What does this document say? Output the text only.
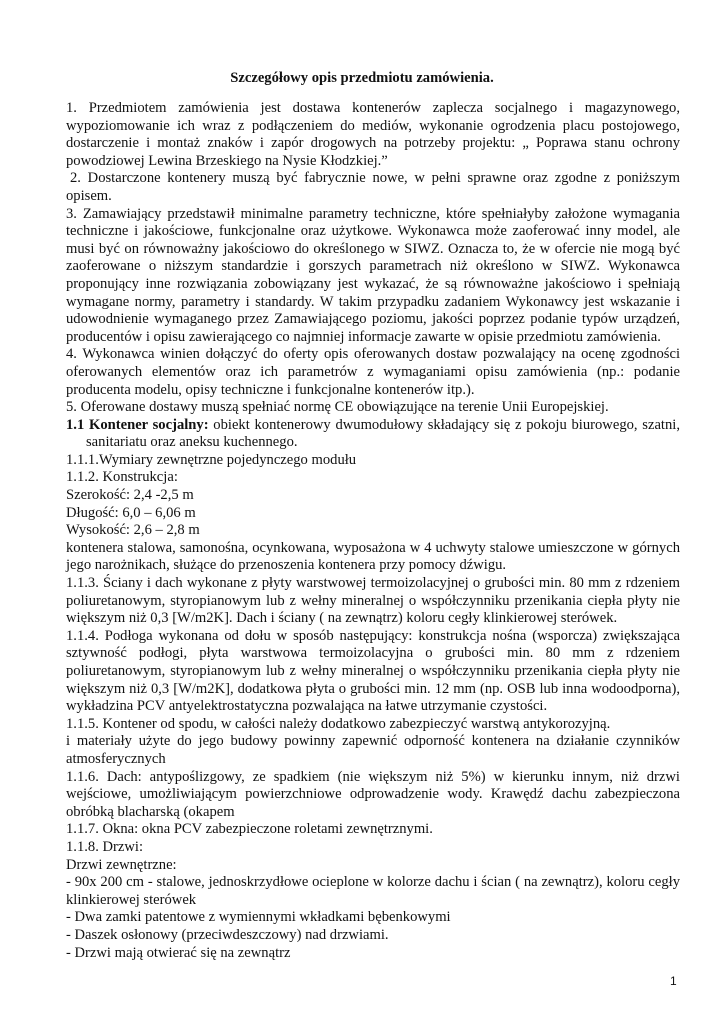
Szczegółowy opis przedmiotu zamówienia.

1. Przedmiotem zamówienia jest dostawa kontenerów zaplecza socjalnego i magazynowego, wypoziomowanie ich wraz z podłączeniem do mediów, wykonanie ogrodzenia placu postojowego, dostarczenie i montaż znaków i zapór drogowych na potrzeby projektu: „ Poprawa stanu ochrony powodziowej Lewina Brzeskiego na Nysie Kłodzkiej.”

2. Dostarczone kontenery muszą być fabrycznie nowe, w pełni sprawne oraz zgodne z poniższym opisem.

3. Zamawiający przedstawił minimalne parametry techniczne, które spełniałyby założone wymagania techniczne i jakościowe, funkcjonalne oraz użytkowe. Wykonawca może zaoferować inny model, ale musi być on równoważny jakościowo do określonego w SIWZ. Oznacza to, że w ofercie nie mogą być zaoferowane o niższym standardzie i gorszych parametrach niż określono w SIWZ. Wykonawca proponujący inne rozwiązania zobowiązany jest wykazać, że są równoważne jakościowo i spełniają wymagane normy, parametry i standardy. W takim przypadku zadaniem Wykonawcy jest wskazanie i udowodnienie wymaganego przez Zamawiającego poziomu, jakości poprzez podanie typów urządzeń, producentów i opisu zawierającego co najmniej informacje zawarte w opisie przedmiotu zamówienia.

4. Wykonawca winien dołączyć do oferty opis oferowanych dostaw pozwalający na ocenę zgodności oferowanych elementów oraz ich parametrów z wymaganiami opisu zamówienia (np.: podanie producenta modelu, opisy techniczne i funkcjonalne kontenerów itp.).

5. Oferowane dostawy muszą spełniać normę CE obowiązujące na terenie Unii Europejskiej.

1.1 Kontener socjalny: obiekt kontenerowy dwumodułowy składający się z pokoju biurowego, szatni, sanitariatu oraz aneksu kuchennego.

1.1.1.Wymiary zewnętrzne pojedynczego modułu

1.1.2. Konstrukcja:

Szerokość: 2,4 -2,5 m

Długość: 6,0 – 6,06 m

Wysokość: 2,6 – 2,8 m

kontenera stalowa, samonośna, ocynkowana, wyposażona w 4 uchwyty stalowe umieszczone w górnych jego narożnikach, służące do przenoszenia kontenera przy pomocy dźwigu.

1.1.3. Ściany i dach wykonane z płyty warstwowej termoizolacyjnej o grubości min. 80 mm z rdzeniem poliuretanowym, styropianowym lub z wełny mineralnej o współczynniku przenikania ciepła płyty nie większym niż 0,3 [W/m2K]. Dach i ściany ( na zewnątrz) koloru cegły klinkierowej sterówek.

1.1.4. Podłoga wykonana od dołu w sposób następujący: konstrukcja nośna (wsporcza) zwiększająca sztywność podłogi, płyta warstwowa termoizolacyjna o grubości min. 80 mm z rdzeniem poliuretanowym, styropianowym lub z wełny mineralnej o współczynniku przenikania ciepła płyty nie większym niż 0,3 [W/m2K], dodatkowa płyta o grubości min. 12 mm (np. OSB lub inna wodoodporna), wykładzina PCV antyelektrostatyczna pozwalająca na łatwe utrzymanie czystości.

1.1.5. Kontener od spodu, w całości należy dodatkowo zabezpieczyć warstwą antykorozyjną.

i materiały użyte do jego budowy powinny zapewnić odporność kontenera na działanie czynników atmosferycznych

1.1.6. Dach: antypoślizgowy, ze spadkiem (nie większym niż 5%) w kierunku innym, niż drzwi wejściowe, umożliwiającym powierzchniowe odprowadzenie wody. Krawędź dachu zabezpieczona obróbką blacharską (okapem

1.1.7. Okna: okna PCV zabezpieczone roletami zewnętrznymi.

1.1.8. Drzwi:

Drzwi zewnętrzne:

- 90x 200 cm - stalowe, jednoskrzydłowe ocieplone w kolorze dachu i ścian ( na zewnątrz), koloru cegły klinkierowej sterówek

- Dwa zamki patentowe z wymiennymi wkładkami bębenkowymi

- Daszek osłonowy (przeciwdeszczowy) nad drzwiami.

- Drzwi mają otwierać się na zewnątrz

1
